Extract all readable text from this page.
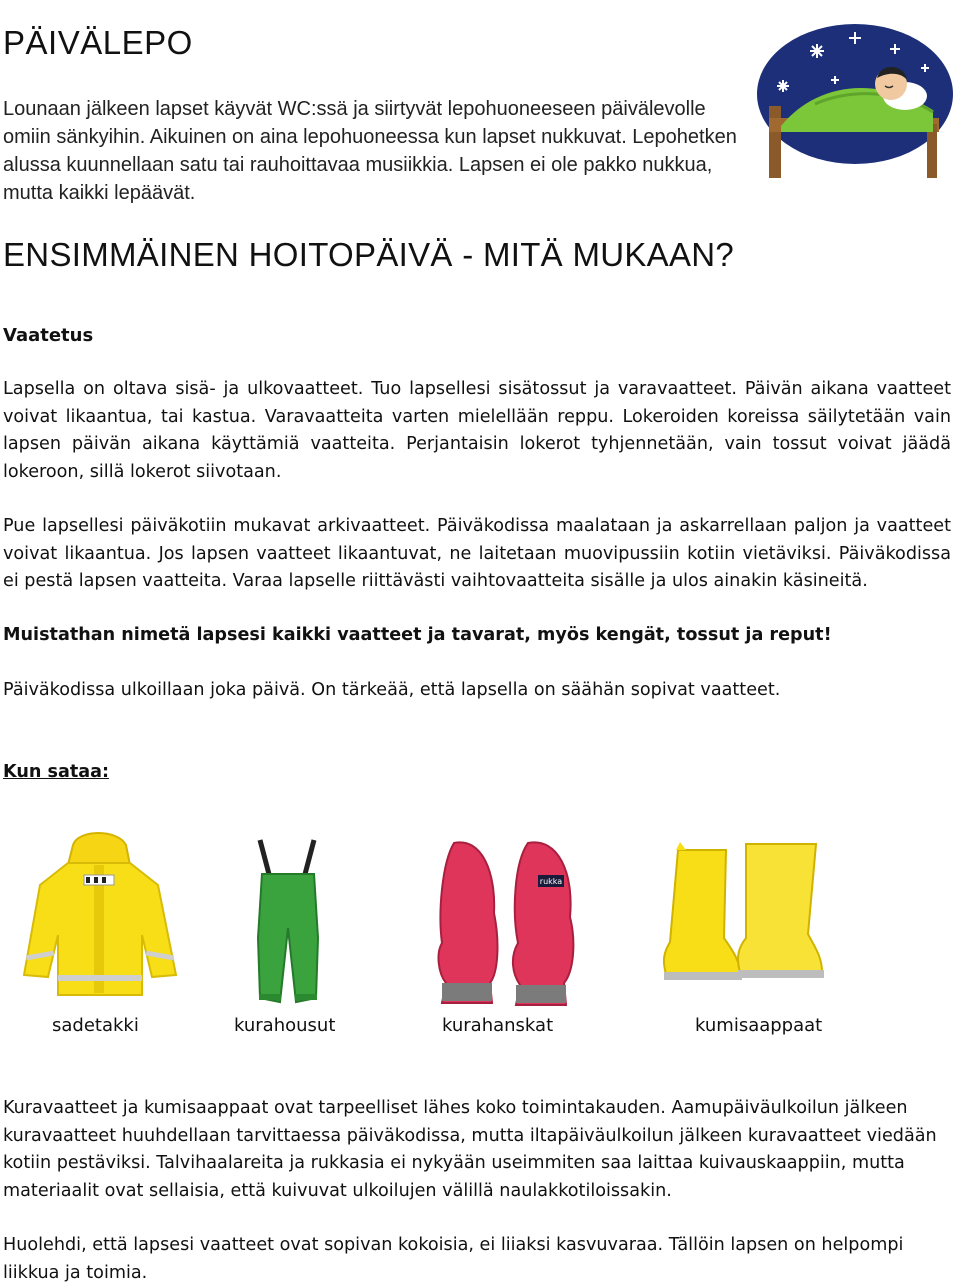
PÄIVÄLEPO

Lounaan jälkeen lapset käyvät WC:ssä ja siirtyvät lepohuoneeseen päivälevolle omiin sänkyihin. Aikuinen on aina lepohuoneessa kun lapset nukkuvat. Lepohetken alussa kuunnellaan satu tai rauhoittavaa musiikkia. Lapsen ei ole pakko nukkua, mutta kaikki lepäävät.

ENSIMMÄINEN HOITOPÄIVÄ - MITÄ MUKAAN?

Vaatetus

Lapsella on oltava sisä- ja ulkovaatteet. Tuo lapsellesi sisätossut ja varavaatteet. Päivän aikana vaatteet voivat likaantua, tai kastua. Varavaatteita varten mielellään reppu. Lokeroiden koreissa säilytetään vain lapsen päivän aikana käyttämiä vaatteita. Perjantaisin lokerot tyhjennetään, vain tossut voivat jäädä lokeroon, sillä lokerot siivotaan.

Pue lapsellesi päiväkotiin mukavat arkivaatteet. Päiväkodissa maalataan ja askarrellaan paljon ja vaatteet voivat likaantua. Jos lapsen vaatteet likaantuvat, ne laitetaan muovipussiin kotiin vietäviksi. Päiväkodissa ei pestä lapsen vaatteita. Varaa lapselle riittävästi vaihtovaatteita sisälle ja ulos ainakin käsineitä.

Muistathan nimetä lapsesi kaikki vaatteet ja tavarat, myös kengät, tossut ja reput!

Päiväkodissa ulkoillaan joka päivä. On tärkeää, että lapsella on säähän sopivat vaatteet.

Kun sataa:

rukka
sadetakki	kurahousut	kurahanskat	kumisaappaat

Kuravaatteet ja kumisaappaat ovat tarpeelliset lähes koko toimintakauden. Aamupäiväulkoilun jälkeen kuravaatteet huuhdellaan tarvittaessa päiväkodissa, mutta iltapäiväulkoilun jälkeen kuravaatteet viedään kotiin pestäviksi. Talvihaalareita ja rukkasia ei nykyään useimmiten saa laittaa kuivauskaappiin, mutta materiaalit ovat sellaisia, että kuivuvat ulkoilujen välillä naulakkotiloissakin.

Huolehdi, että lapsesi vaatteet ovat sopivan kokoisia, ei liiaksi kasvuvaraa. Tällöin lapsen on helpompi liikkua ja toimia.
